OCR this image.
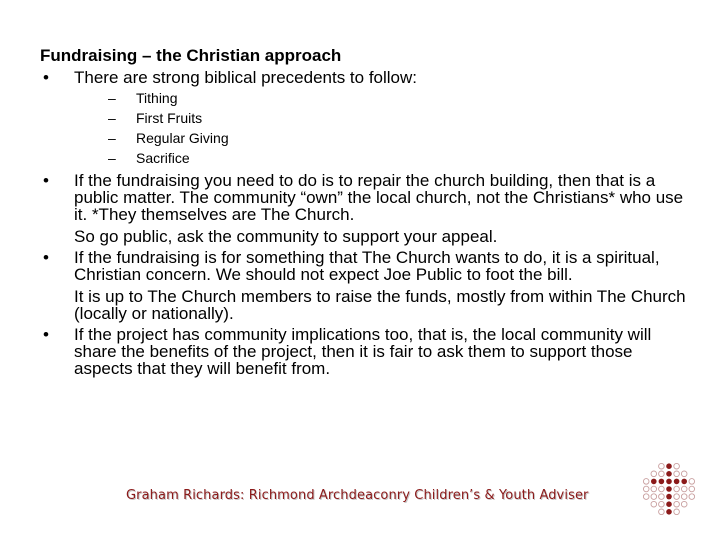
Fundraising – the Christian approach
• There are strong biblical precedents to follow:

– Tithing
– First Fruits
– Regular Giving
– Sacrifice
• If the fundraising you need to do is to repair the church building, then that is a public matter. The community “own” the local church, not the Christians* who use it. *They themselves are The Church.

So go public, ask the community to support your appeal.

• If the fundraising is for something that The Church wants to do, it is a spiritual, Christian concern. We should not expect Joe Public to foot the bill.

It is up to The Church members to raise the funds, mostly from within The Church (locally or nationally).

• If the project has community implications too, that is, the local community will share the benefits of the project, then it is fair to ask them to support those aspects that they will benefit from.

Graham Richards: Richmond Archdeaconry Children’s & Youth Adviser
